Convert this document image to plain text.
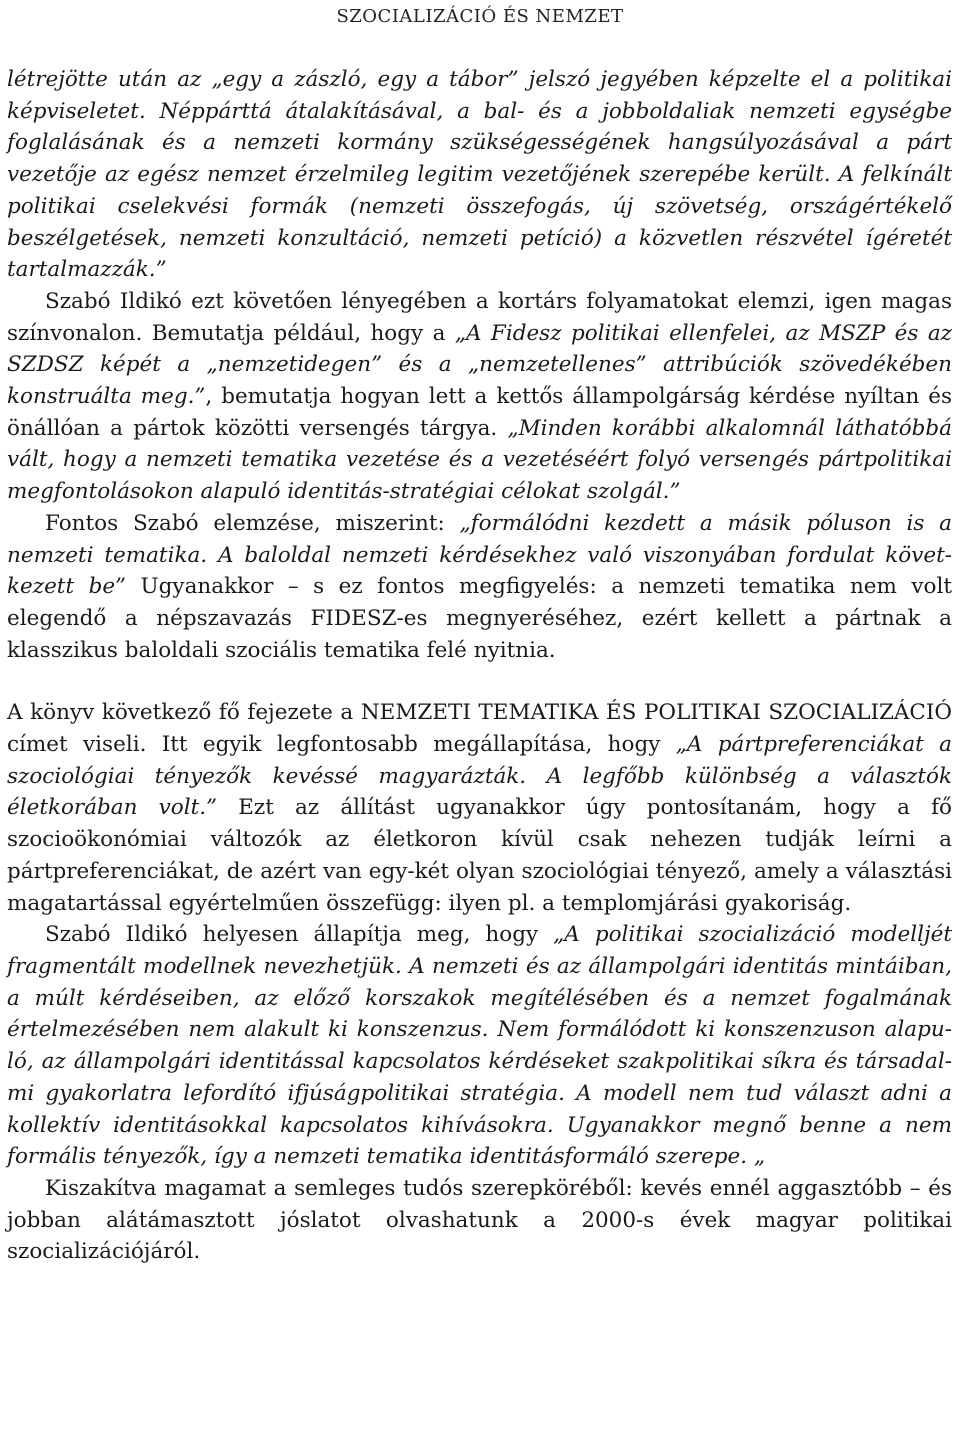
SZOCIALIZÁCIÓ ÉS NEMZET

létrejötte után az „egy a zászló, egy a tábor” jelszó jegyében képzelte el a politikai képviseletet. Néppárttá átalakításával, a bal- és a jobboldaliak nemzeti egységbe foglalásának és a nemzeti kormány szükségességének hangsúlyozásával a párt vezetője az egész nemzet érzelmileg legitim vezetőjének szerepébe került. A felkínált politikai cselekvési formák (nemzeti összefogás, új szövetség, országértékelő beszélgetések, nemzeti konzultáció, nemzeti petíció) a közvetlen részvétel ígéretét tartalmazzák.”

Szabó Ildikó ezt követően lényegében a kortárs folyamatokat elemzi, igen magas színvonalon. Bemutatja például, hogy a „A Fidesz politikai ellenfelei, az MSZP és az SZDSZ képét a „nemzetidegen” és a „nemzetellenes” attribúciók szövedékében konstruálta meg.”, bemutatja hogyan lett a kettős állampolgárság kérdése nyíltan és önállóan a pártok közötti versengés tárgya. „Minden korábbi alkalomnál láthatóbbá vált, hogy a nemzeti tematika vezetése és a vezetéséért folyó versengés pártpolitikai megfontolásokon alapuló identitás-stratégiai célokat szolgál.”

Fontos Szabó elemzése, miszerint: „formálódni kezdett a másik póluson is a nemzeti tematika. A baloldal nemzeti kérdésekhez való viszonyában fordulat következett be” Ugyanakkor – s ez fontos megfigyelés: a nemzeti tematika nem volt elegendő a népszavazás FIDESZ-es megnyeréséhez, ezért kellett a pártnak a klasszikus baloldali szociális tematika felé nyitnia.

A könyv következő fő fejezete a NEMZETI TEMATIKA ÉS POLITIKAI SZOCIALIZÁCIÓ címet viseli. Itt egyik legfontosabb megállapítása, hogy „A pártpreferenciákat a szociológiai tényezők kevéssé magyarázták. A legfőbb különbség a választók életkorában volt.” Ezt az állítást ugyanakkor úgy pontosítanám, hogy a fő szocioökonómiai változók az életkoron kívül csak nehezen tudják leírni a pártpreferenciákat, de azért van egy-két olyan szociológiai tényező, amely a választási magatartással egyértelműen összefügg: ilyen pl. a templomjárási gyakoriság.

Szabó Ildikó helyesen állapítja meg, hogy „A politikai szocializáció modelljét fragmentált modellnek nevezhetjük. A nemzeti és az állampolgári identitás mintáiban, a múlt kérdéseiben, az előző korszakok megítélésében és a nemzet fogalmának értelmezésében nem alakult ki konszenzus. Nem formálódott ki konszenzuson alapuló, az állampolgári identitással kapcsolatos kérdéseket szakpolitikai síkra és társadalmi gyakorlatra lefordító ifjúságpolitikai stratégia. A modell nem tud választ adni a kollektív identitásokkal kapcsolatos kihívásokra. Ugyanakkor megnő benne a nem formális tényezők, így a nemzeti tematika identitásformáló szerepe. „

Kiszakítva magamat a semleges tudós szerepköréből: kevés ennél aggasztóbb – és jobban alátámasztott jóslatot olvashatunk a 2000-s évek magyar politikai szocializációjáról.
